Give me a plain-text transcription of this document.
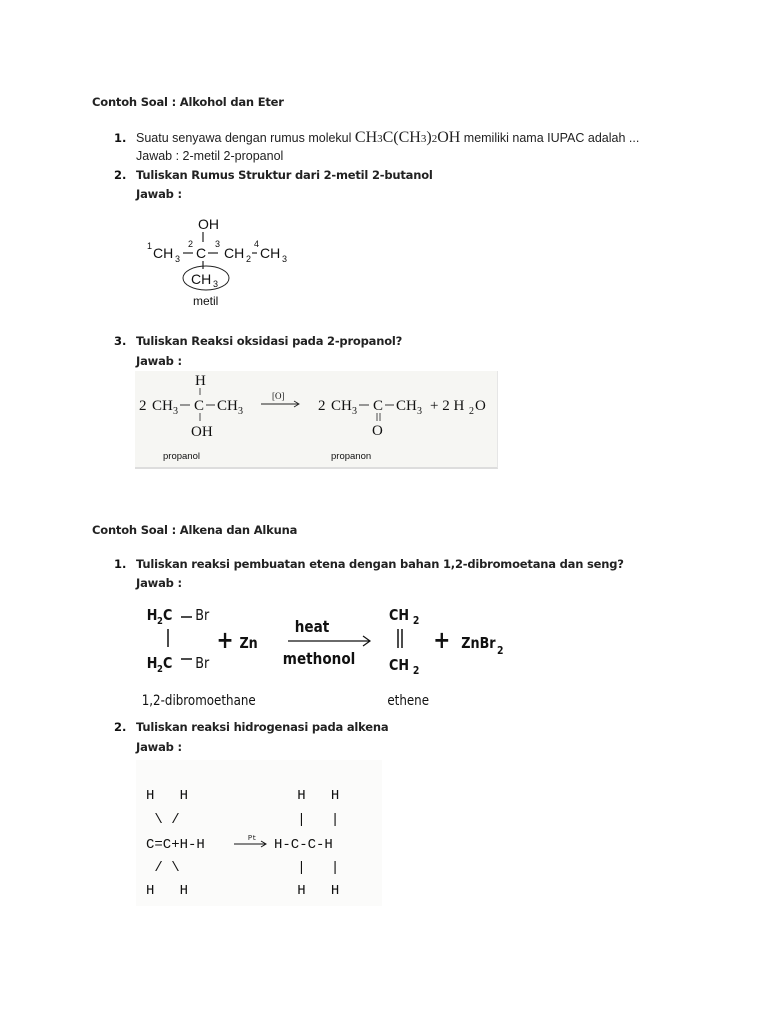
Contoh Soal : Alkohol dan Eter
1. Suatu senyawa dengan rumus molekul CH3C(CH3)2OH memiliki nama IUPAC adalah ...
Jawab : 2-metil 2-propanol
2. Tuliskan Rumus Struktur dari 2-metil 2-butanol
Jawab :
OH
1 CH 3
2
C
3
CH 2
4
CH 3
CH 3
metil
3. Tuliskan Reaksi oksidasi pada 2-propanol?
Jawab :
H
2 CH 3 C CH 3
OH
[O]
2 CH 3 C CH 3
O
+ 2 H 2 O
propanol	propanon
Contoh Soal : Alkena dan Alkuna
1. Tuliskan reaksi pembuatan etena dengan bahan 1,2-dibromoetana dan seng?
Jawab :
H 2 C Br
H 2 C Br
+ Zn
heat
methonol
CH 2
CH 2
+ ZnBr 2
1,2-dibromoethane	ethene
2. Tuliskan reaksi hidrogenasi pada alkena
Jawab :
H   H             H   H
\ /              |   |
C=C+H-H	Pt H-C-C-H
/ \              |   |
H   H             H   H
